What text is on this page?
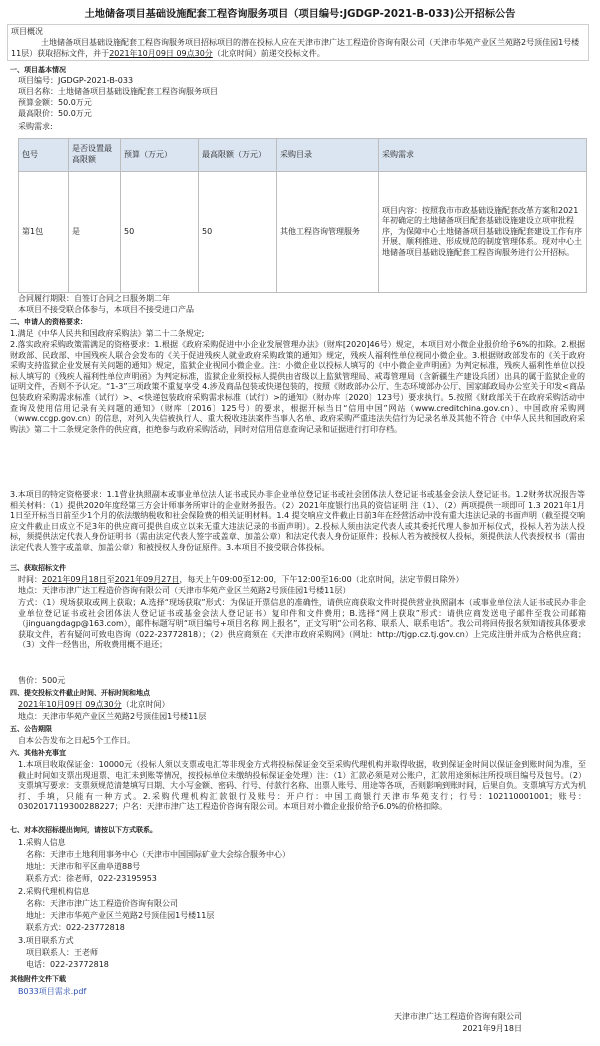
土地储备项目基础设施配套工程咨询服务项目（项目编号:JGDGP-2021-B-033)公开招标公告
项目概况
土地储备项目基础设施配套工程咨询服务项目招标项目的潜在投标人应在天津市津广达工程造价咨询有限公司（天津市华苑产业区兰苑路2号顶佳园1号楼11层）获取招标文件，并于2021年10月09日 09点30分（北京时间）前递交投标文件。
一、项目基本情况
项目编号：JGDGP-2021-B-033
项目名称：土地储备项目基础设施配套工程咨询服务项目
预算金额：50.0万元
最高限价：50.0万元
采购需求:
包号	是否设置最高限额	预算（万元）	最高限额（万元）	采购目录	采购需求
第1包	是	50	50	其他工程咨询管理服务	项目内容：按照我市市政基础设施配套改革方案和2021年初确定的土地储备项目配套基础设施建设立项审批程序，为保障中心土地储备项目基础设施配套建设工作有序开展、顺利推进、形成规范的制度管理体系。现对中心土地储备项目基础设施配套工程咨询服务进行公开招标。
合同履行期限：自签订合同之日服务期二年
本项目不接受联合体参与，本项目不接受进口产品
二、申请人的资格要求：
1.满足《中华人民共和国政府采购法》第二十二条规定;
2.落实政府采购政策需满足的资格要求：1.根据《政府采购促进中小企业发展管理办法》（财库[2020]46号）规定，本项目对小微企业报价给予6%的扣除。2.根据财政部、民政部、中国残疾人联合会发布的《关于促进残疾人就业政府采购政策的通知》规定，残疾人福利性单位视同小微企业。3.根据财政部发布的《关于政府采购支持监狱企业发展有关问题的通知》规定，监狱企业视同小微企业。注：小微企业以投标人填写的《中小微企业声明函》为判定标准，残疾人福利性单位以投标人填写的《残疾人福利性单位声明函》为判定标准，监狱企业须投标人提供由省级以上监狱管理局、戒毒管理局（含新疆生产建设兵团）出具的属于监狱企业的证明文件，否则不予认定。“1-3”三项政策不重复享受 4.涉及商品包装或快递包装的，按照《财政部办公厅、生态环境部办公厅、国家邮政局办公室关于印发<商品包装政府采购需求标准（试行）>、<快递包装政府采购需求标准（试行）>的通知》（财办库〔2020〕123号）要求执行。5.按照《财政部关于在政府采购活动中查询及使用信用记录有关问题的通知》（财库〔2016〕125号）的要求，根据开标当日“信用中国”网站（www.creditchina.gov.cn）、中国政府采购网（www.ccgp.gov.cn）的信息，对列入失信被执行人、重大税收违法案件当事人名单、政府采购严重违法失信行为记录名单及其他不符合《中华人民共和国政府采购法》第二十二条规定条件的供应商，拒绝参与政府采购活动，同时对信用信息查询记录和证据进行打印存档。
3.本项目的特定资格要求：1.1营业执照副本或事业单位法人证书或民办非企业单位登记证书或社会团体法人登记证书或基金会法人登记证书。1.2财务状况报告等相关材料：（1）提供2020年度经第三方会计师事务所审计的企业财务报告。（2）2021年度银行出具的资信证明 注（1）、（2）两项提供一项即可 1.3 2021年1月1日至开标当日前至少1个月的依法缴纳税收和社会保险费的相关证明材料。1.4 提交响应文件截止日前3年在经营活动中没有重大违法记录的书面声明（截至提交响应文件截止日成立不足3年的供应商可提供自成立以来无重大违法记录的书面声明）。2.投标人须由法定代表人或其委托代理人参加开标仪式，投标人若为法人投标，须提供法定代表人身份证明书（需由法定代表人签字或盖章、加盖公章）和法定代表人身份证原件；投标人若为被授权人投标，须提供法人代表授权书（需由法定代表人签字或盖章、加盖公章）和被授权人身份证原件。3.本项目不接受联合体投标。
三、获取招标文件
时间：2021年09月18日至2021年09月27日，每天上午09:00至12:00，下午12:00至16:00（北京时间，法定节假日除外）
地点：天津市津广达工程造价咨询有限公司（天津市华苑产业区兰苑路2号顶佳园1号楼11层）
方式：（1）现场获取或网上获取；A.选择“现场获取”形式：为保证开票信息的准确性，请供应商获取文件时提供营业执照副本（或事业单位法人证书或民办非企业单位登记证书或社会团体法人登记证书或基金会法人登记证书）复印件和文件费用；B.选择“网上获取”形式：请供应商发送电子邮件至我公司邮箱（jinguangdagp@163.com），邮件标题写明“项目编号+项目名称 网上报名”，正文写明“公司名称、联系人、联系电话”。我公司将回传报名须知请按具体要求获取文件，若有疑问可致电咨询（022-23772818）；（2）供应商须在《天津市政府采购网》（网址：http://tjgp.cz.tj.gov.cn）上完成注册并成为合格供应商；（3）文件一经售出，所收费用概不退还；
售价：500元
四、提交投标文件截止时间、开标时间和地点
2021年10月09日 09点30分（北京时间）
地点：天津市华苑产业区兰苑路2号顶佳园1号楼11层
五、公告期限
自本公告发布之日起5个工作日。
六、其他补充事宜
1.本项目收取保证金：10000元（投标人须以支票或电汇等非现金方式将投标保证金交至采购代理机构并取得收据，收到保证金时间以保证金到账时间为准，至截止时间如支票出现退票、电汇未到账等情况，按投标单位未缴纳投标保证金处理）注：（1）汇款必须是对公账户，汇款用途须标注所投项目编号及包号。（2）支票填写要求：支票须规范清楚填写日期、大小写金额、密码、行号、付款行名称、出票人账号、用途等各项，否则影响到账时间，后果自负。支票填写方式为机打、手填，只能有一种方式。2.采购代理机构汇款银行及账号：开户行：中国工商银行天津市华苑支行；行号：102110001001；账号：0302017119300288227；户名：天津市津广达工程造价咨询有限公司。本项目对小微企业报价给予6.0%的价格扣除。
七、对本次招标提出询问，请按以下方式联系。
1.采购人信息
名称：天津市土地利用事务中心（天津市中国国际矿业大会综合服务中心）
地址：天津市和平区曲阜道88号
联系方式：徐老师，022-23195953
2.采购代理机构信息
名称：天津市津广达工程造价咨询有限公司
地址：天津市华苑产业区兰苑路2号顶佳园1号楼11层
联系方式：022-23772818
3.项目联系方式
项目联系人：王老师
电话：022-23772818
其他附件文件下载
B033项目需求.pdf
天津市津广达工程造价咨询有限公司
2021年9月18日
